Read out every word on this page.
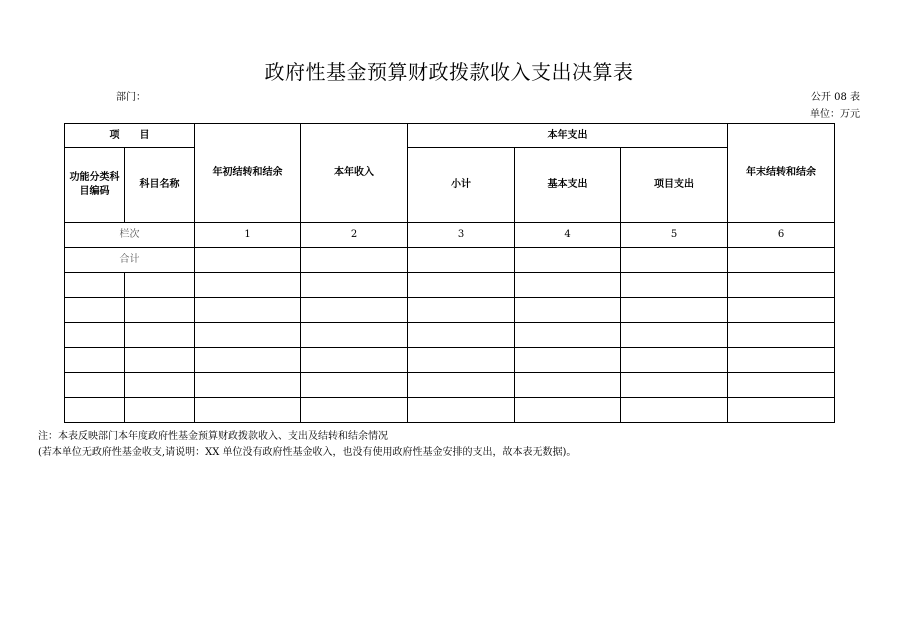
政府性基金预算财政拨款收入支出决算表
部门：	公开 08 表
单位：万元
项　　目		年初结转和结余	本年收入	本年支出			年末结转和结余
功能分类科目编码	科目名称			小计	基本支出	项目支出	
栏次		1	2	3	4	5	6
合计							

注：本表反映部门本年度政府性基金预算财政拨款收入、支出及结转和结余情况
(若本单位无政府性基金收支,请说明：XX 单位没有政府性基金收入，也没有使用政府性基金安排的支出，故本表无数据)。
